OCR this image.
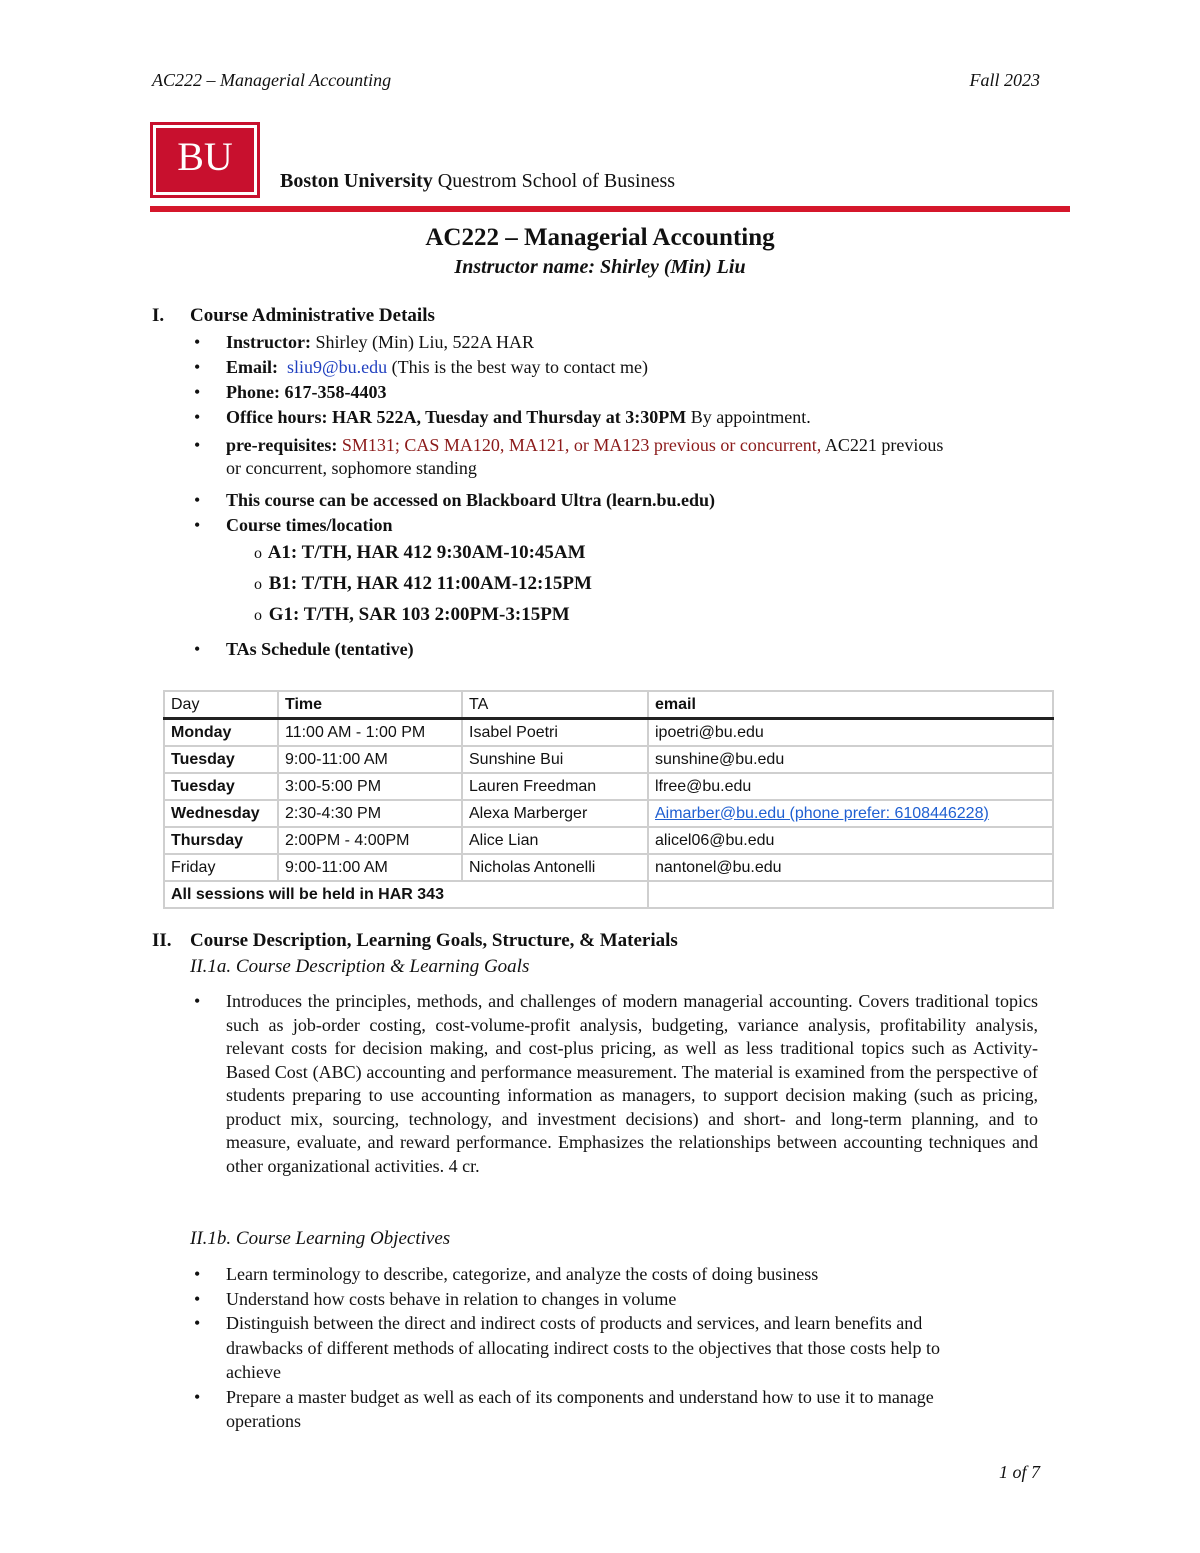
AC222 – Managerial Accounting	Fall 2023
BU
Boston University Questrom School of Business
AC222 – Managerial Accounting
Instructor name: Shirley (Min) Liu
I. Course Administrative Details
• Instructor: Shirley (Min) Liu, 522A HAR
• Email: sliu9@bu.edu (This is the best way to contact me)
• Phone: 617-358-4403
• Office hours: HAR 522A, Tuesday and Thursday at 3:30PM By appointment.
• pre-requisites: SM131; CAS MA120, MA121, or MA123 previous or concurrent, AC221 previous
or concurrent, sophomore standing
• This course can be accessed on Blackboard Ultra (learn.bu.edu)
• Course times/location
o A1: T/TH, HAR 412 9:30AM-10:45AM
o B1: T/TH, HAR 412 11:00AM-12:15PM
o G1: T/TH, SAR 103 2:00PM-3:15PM
• TAs Schedule (tentative)
Day	Time	TA	email
Monday	11:00 AM - 1:00 PM	Isabel Poetri	ipoetri@bu.edu
Tuesday	9:00-11:00 AM	Sunshine Bui	sunshine@bu.edu
Tuesday	3:00-5:00 PM	Lauren Freedman	lfree@bu.edu
Wednesday	2:30-4:30 PM	Alexa Marberger	Aimarber@bu.edu (phone prefer: 6108446228)
Thursday	2:00PM - 4:00PM	Alice Lian	alicel06@bu.edu
Friday	9:00-11:00 AM	Nicholas Antonelli	nantonel@bu.edu
All sessions will be held in HAR 343			
II. Course Description, Learning Goals, Structure, & Materials
II.1a. Course Description & Learning Goals
• Introduces the principles, methods, and challenges of modern managerial accounting. Covers traditional topics such as job-order costing, cost-volume-profit analysis, budgeting, variance analysis, profitability analysis, relevant costs for decision making, and cost-plus pricing, as well as less traditional topics such as Activity-Based Cost (ABC) accounting and performance measurement. The material is examined from the perspective of students preparing to use accounting information as managers, to support decision making (such as pricing, product mix, sourcing, technology, and investment decisions) and short- and long-term planning, and to measure, evaluate, and reward performance. Emphasizes the relationships between accounting techniques and other organizational activities. 4 cr.
II.1b. Course Learning Objectives
• Learn terminology to describe, categorize, and analyze the costs of doing business
• Understand how costs behave in relation to changes in volume
• Distinguish between the direct and indirect costs of products and services, and learn benefits and drawbacks of different methods of allocating indirect costs to the objectives that those costs help to achieve
• Prepare a master budget as well as each of its components and understand how to use it to manage operations
1 of 7
